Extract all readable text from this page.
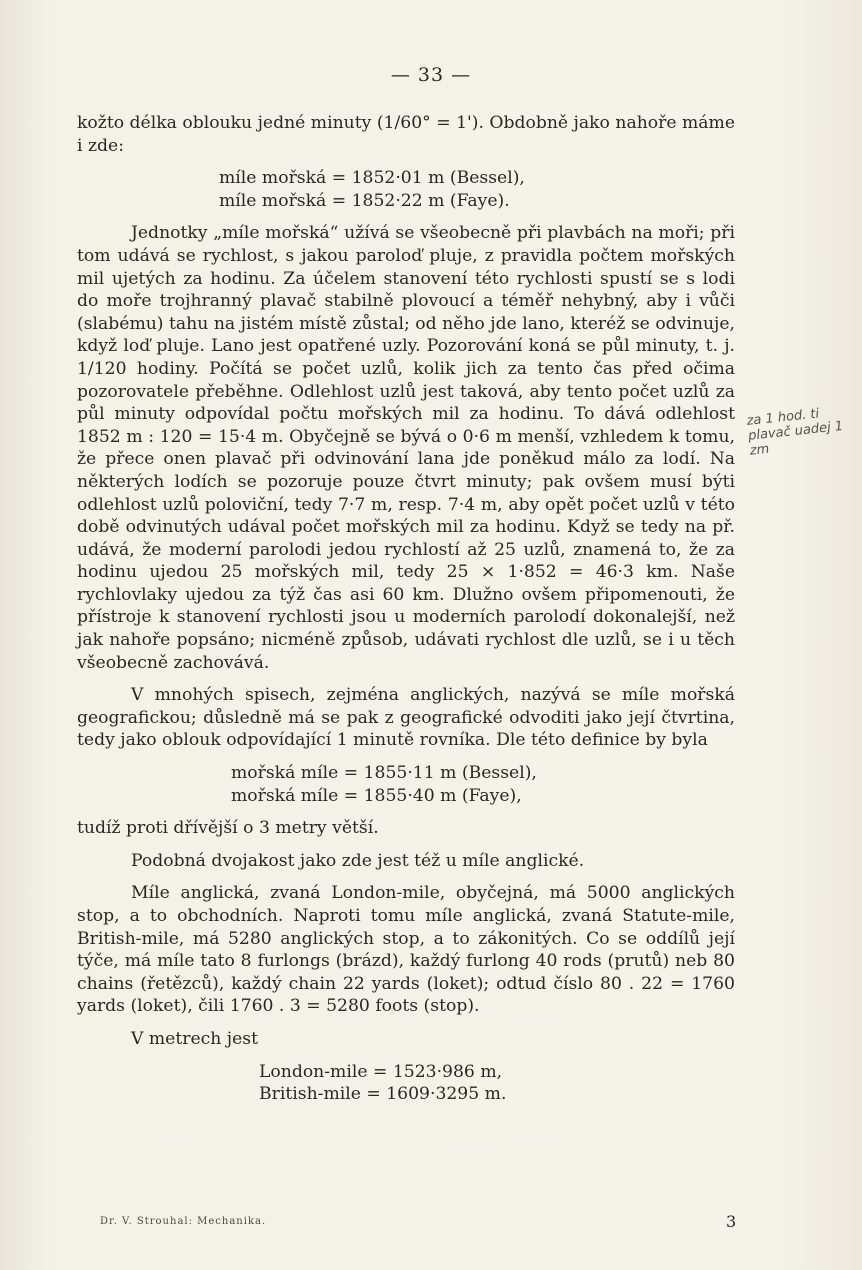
— 33 —

kožto délka oblouku jedné minuty (1/60° = 1'). Obdobně jako nahoře máme i zde:

míle mořská = 1852·01 m (Bessel),
míle mořská = 1852·22 m (Faye).

Jednotky „míle mořská“ užívá se všeobecně při plavbách na moři; při tom udává se rychlost, s jakou paroloď pluje, z pravidla počtem mořských mil ujetých za hodinu. Za účelem stanovení této rychlosti spustí se s lodi do moře trojhranný plavač stabilně plovoucí a téměř nehybný, aby i vůči (slabému) tahu na jistém místě zůstal; od něho jde lano, kteréž se odvinuje, když loď pluje. Lano jest opatřené uzly. Pozorování koná se půl minuty, t. j. 1/120 hodiny. Počítá se počet uzlů, kolik jich za tento čas před očima pozorovatele přeběhne. Odlehlost uzlů jest taková, aby tento počet uzlů za půl minuty odpovídal počtu mořských mil za hodinu. To dává odlehlost 1852 m : 120 = 15·4 m. Obyčejně se bývá o 0·6 m menší, vzhledem k tomu, že přece onen plavač při odvinování lana jde poněkud málo za lodí. Na některých lodích se pozoruje pouze čtvrt minuty; pak ovšem musí býti odlehlost uzlů poloviční, tedy 7·7 m, resp. 7·4 m, aby opět počet uzlů v této době odvinutých udával počet mořských mil za hodinu. Když se tedy na př. udává, že moderní parolodi jedou rychlostí až 25 uzlů, znamená to, že za hodinu ujedou 25 mořských mil, tedy 25 × 1·852 = 46·3 km. Naše rychlovlaky ujedou za týž čas asi 60 km. Dlužno ovšem připomenouti, že přístroje k stanovení rychlosti jsou u moderních parolodí dokonalejší, než jak nahoře popsáno; nicméně způsob, udávati rychlost dle uzlů, se i u těch všeobecně zachovává.

V mnohých spisech, zejména anglických, nazývá se míle mořská geografickou; důsledně má se pak z geografické odvoditi jako její čtvrtina, tedy jako oblouk odpovídající 1 minutě rovníka. Dle této definice by byla

mořská míle = 1855·11 m (Bessel),
mořská míle = 1855·40 m (Faye),

tudíž proti dřívější o 3 metry větší.

Podobná dvojakost jako zde jest též u míle anglické.

Míle anglická, zvaná London-mile, obyčejná, má 5000 anglických stop, a to obchodních. Naproti tomu míle anglická, zvaná Statute-mile, British-mile, má 5280 anglických stop, a to zákonitých. Co se oddílů její týče, má míle tato 8 furlongs (brázd), každý furlong 40 rods (prutů) neb 80 chains (řetězců), každý chain 22 yards (loket); odtud číslo 80 . 22 = 1760 yards (loket), čili 1760 . 3 = 5280 foots (stop).

V metrech jest

London-mile = 1523·986 m,
British-mile = 1609·3295 m.
za 1 hod. ti plavač uadej 1 zm
Dr. V. Strouhal: Mechanika.	3
